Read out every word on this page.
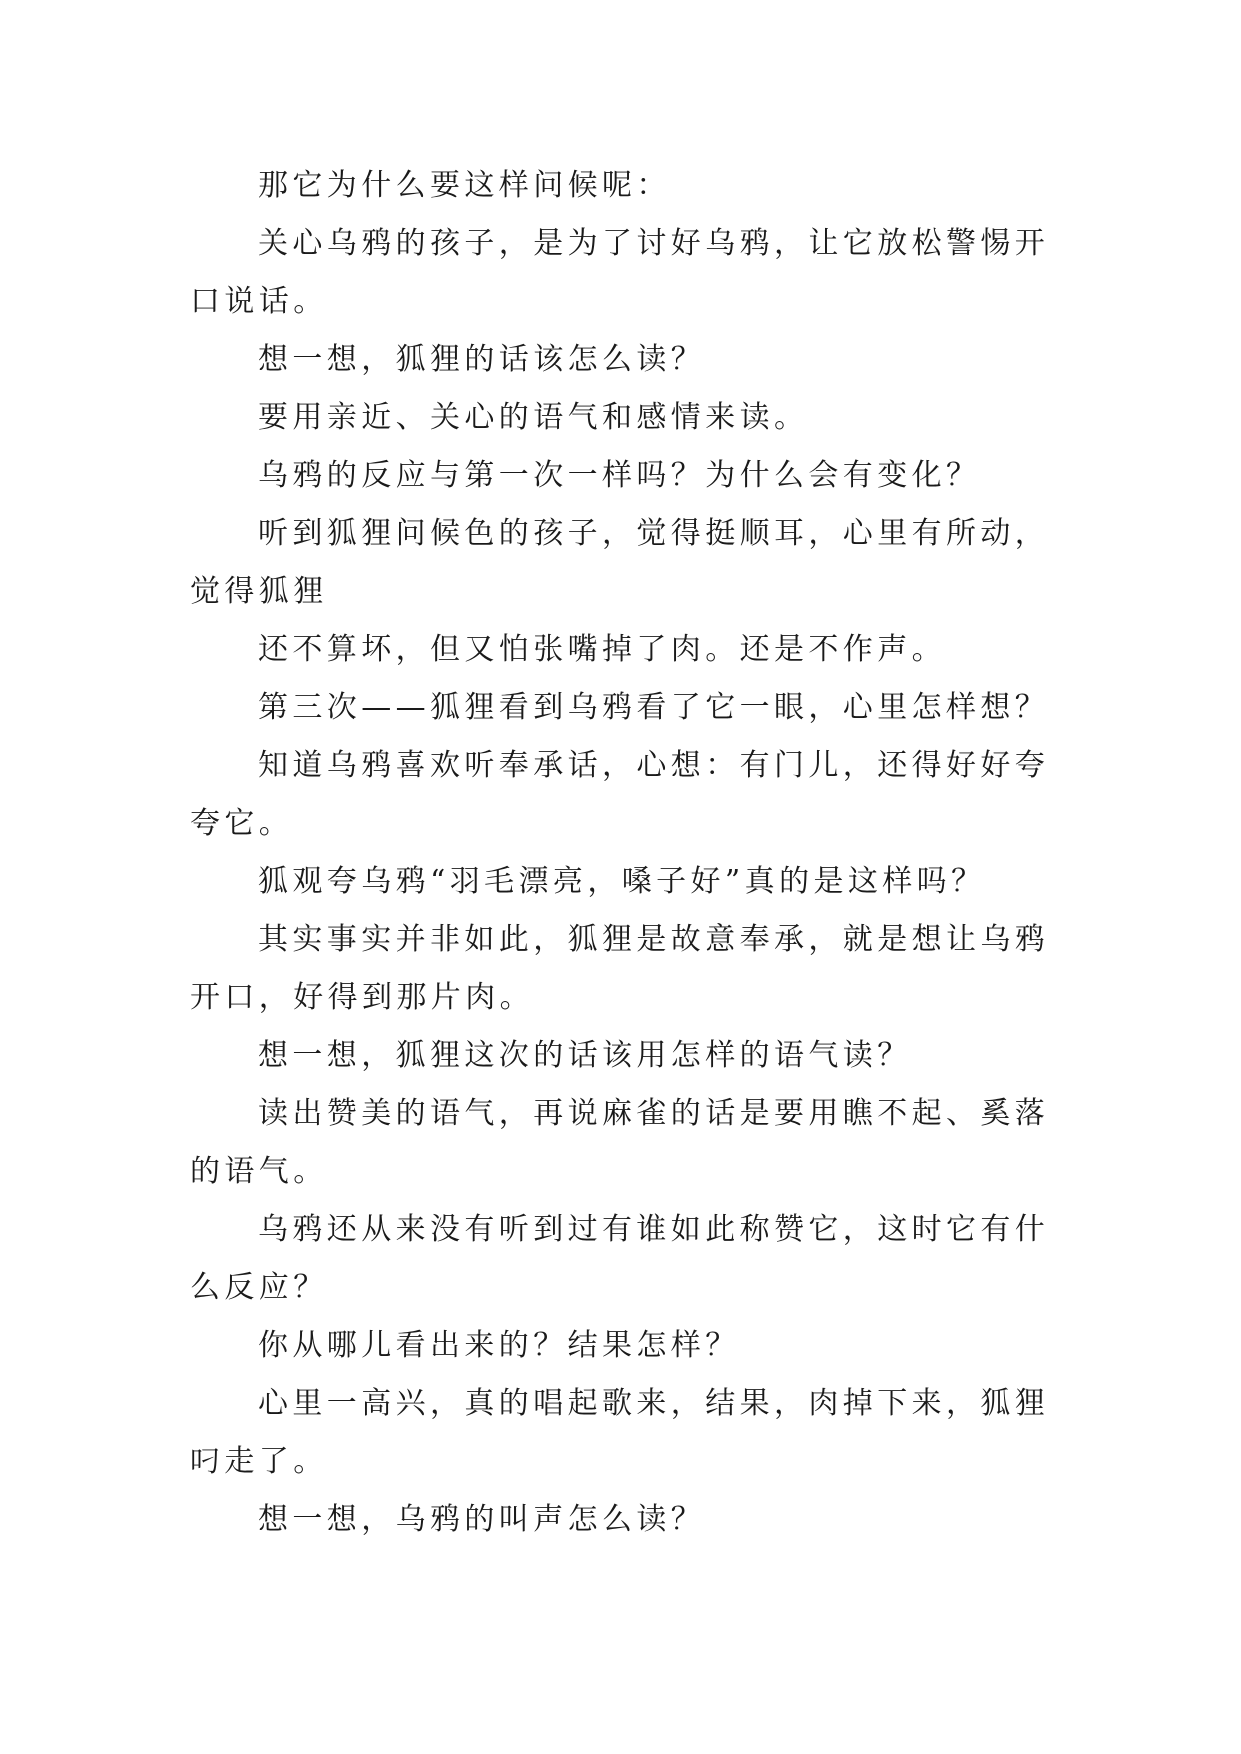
那它为什么要这样问候呢：

关心乌鸦的孩子，是为了讨好乌鸦，让它放松警惕开口说话。

想一想，狐狸的话该怎么读？

要用亲近、关心的语气和感情来读。

乌鸦的反应与第一次一样吗？为什么会有变化？

听到狐狸问候色的孩子，觉得挺顺耳，心里有所动，觉得狐狸

还不算坏，但又怕张嘴掉了肉。还是不作声。

第三次——狐狸看到乌鸦看了它一眼，心里怎样想？

知道乌鸦喜欢听奉承话，心想：有门儿，还得好好夸夸它。

狐观夸乌鸦“羽毛漂亮，嗓子好”真的是这样吗？

其实事实并非如此，狐狸是故意奉承，就是想让乌鸦开口，好得到那片肉。

想一想，狐狸这次的话该用怎样的语气读？

读出赞美的语气，再说麻雀的话是要用瞧不起、奚落的语气。

乌鸦还从来没有听到过有谁如此称赞它，这时它有什么反应？

你从哪儿看出来的？结果怎样？

心里一高兴，真的唱起歌来，结果，肉掉下来，狐狸叼走了。

想一想，乌鸦的叫声怎么读？
